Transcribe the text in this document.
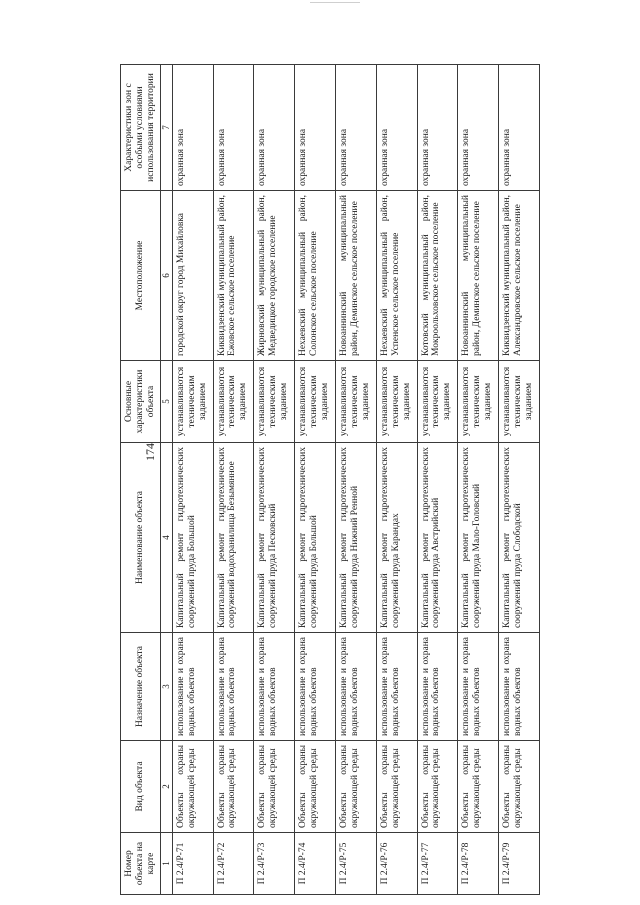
174
Номер объекта на карте	Вид объекта	Назначение объекта	Наименование объекта	Основные характеристики объекта	Местоположение	Характеристики зон с особыми условиями использования территории
1	2	3	4	5	6	7
П 2.4/Р-71	Объекты охраны окружающей среды	использование и охрана водных объектов	Капитальный ремонт гидротехнических сооружений пруда Большой	устанавливаются техническим заданием	городской округ город Михайловка	охранная зона
П 2.4/Р-72	Объекты охраны окружающей среды	использование и охрана водных объектов	Капитальный ремонт гидротехнических сооружений водохранилища Безымянное	устанавливаются техническим заданием	Киквидзенский муниципальный район, Ежовское сельское поселение	охранная зона
П 2.4/Р-73	Объекты охраны окружающей среды	использование и охрана водных объектов	Капитальный ремонт гидротехнических сооружений пруда Песковский	устанавливаются техническим заданием	Жирновский муниципальный район, Медведицкое городское поселение	охранная зона
П 2.4/Р-74	Объекты охраны окружающей среды	использование и охрана водных объектов	Капитальный ремонт гидротехнических сооружений пруда Большой	устанавливаются техническим заданием	Нехаевский муниципальный район, Солонское сельское поселение	охранная зона
П 2.4/Р-75	Объекты охраны окружающей среды	использование и охрана водных объектов	Капитальный ремонт гидротехнических сооружений пруда Нижний Ренной	устанавливаются техническим заданием	Новоаннинский муниципальный район, Деминское сельское поселение	охранная зона
П 2.4/Р-76	Объекты охраны окружающей среды	использование и охрана водных объектов	Капитальный ремонт гидротехнических сооружений пруда Карандах	устанавливаются техническим заданием	Нехаевский муниципальный район, Успенское сельское поселение	охранная зона
П 2.4/Р-77	Объекты охраны окружающей среды	использование и охрана водных объектов	Капитальный ремонт гидротехнических сооружений пруда Австрийский	устанавливаются техническим заданием	Котовский муниципальный район, Мокроольховское сельское поселение	охранная зона
П 2.4/Р-78	Объекты охраны окружающей среды	использование и охрана водных объектов	Капитальный ремонт гидротехнических сооружений пруда Мало-Головский	устанавливаются техническим заданием	Новоаннинский муниципальный район, Деминское сельское поселение	охранная зона
П 2.4/Р-79	Объекты охраны окружающей среды	использование и охрана водных объектов	Капитальный ремонт гидротехнических сооружений пруда Слободской	устанавливаются техническим заданием	Киквидзенский муниципальный район, Александровское сельское поселение	охранная зона
